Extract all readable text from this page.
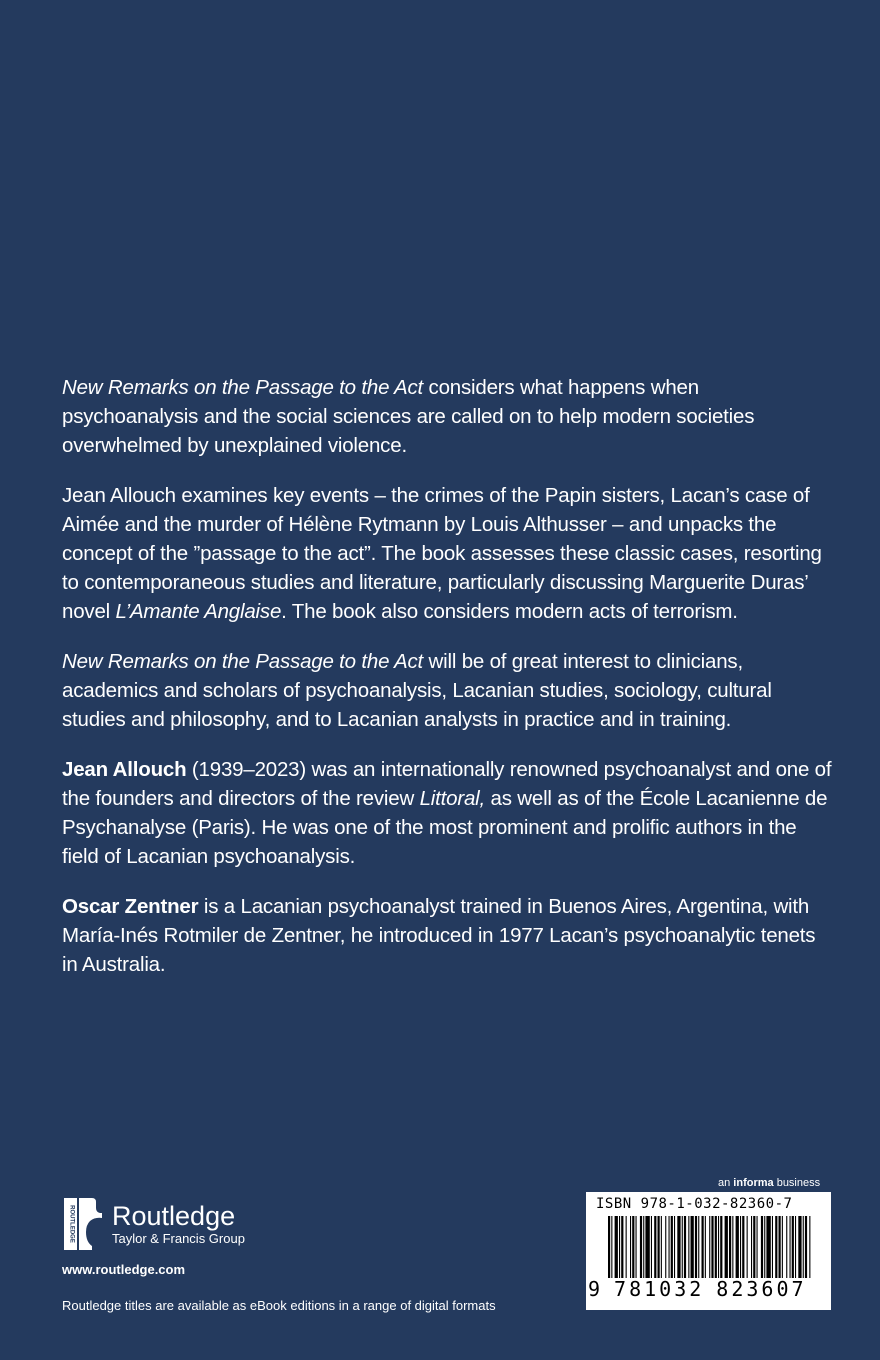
New Remarks on the Passage to the Act considers what happens when psychoanalysis and the social sciences are called on to help modern societies overwhelmed by unexplained violence.

Jean Allouch examines key events – the crimes of the Papin sisters, Lacan’s case of Aimée and the murder of Hélène Rytmann by Louis Althusser – and unpacks the concept of the ”passage to the act”. The book assesses these classic cases, resorting to contemporaneous studies and literature, particularly discussing Marguerite Duras’ novel L’Amante Anglaise. The book also considers modern acts of terrorism.

New Remarks on the Passage to the Act will be of great interest to clinicians, academics and scholars of psychoanalysis, Lacanian studies, sociology, cultural studies and philosophy, and to Lacanian analysts in practice and in training.

Jean Allouch (1939–2023) was an internationally renowned psychoanalyst and one of the founders and directors of the review Littoral, as well as of the École Lacanienne de Psychanalyse (Paris). He was one of the most prominent and prolific authors in the field of Lacanian psychoanalysis.

Oscar Zentner is a Lacanian psychoanalyst trained in Buenos Aires, Argentina, with María-Inés Rotmiler de Zentner, he introduced in 1977 Lacan’s psychoanalytic tenets in Australia.

ROUTLEDGE Routledge
Taylor & Francis Group
www.routledge.com
Routledge titles are available as eBook editions in a range of digital formats
an informa business
ISBN 978-1-032-82360-7
9 781032 823607
